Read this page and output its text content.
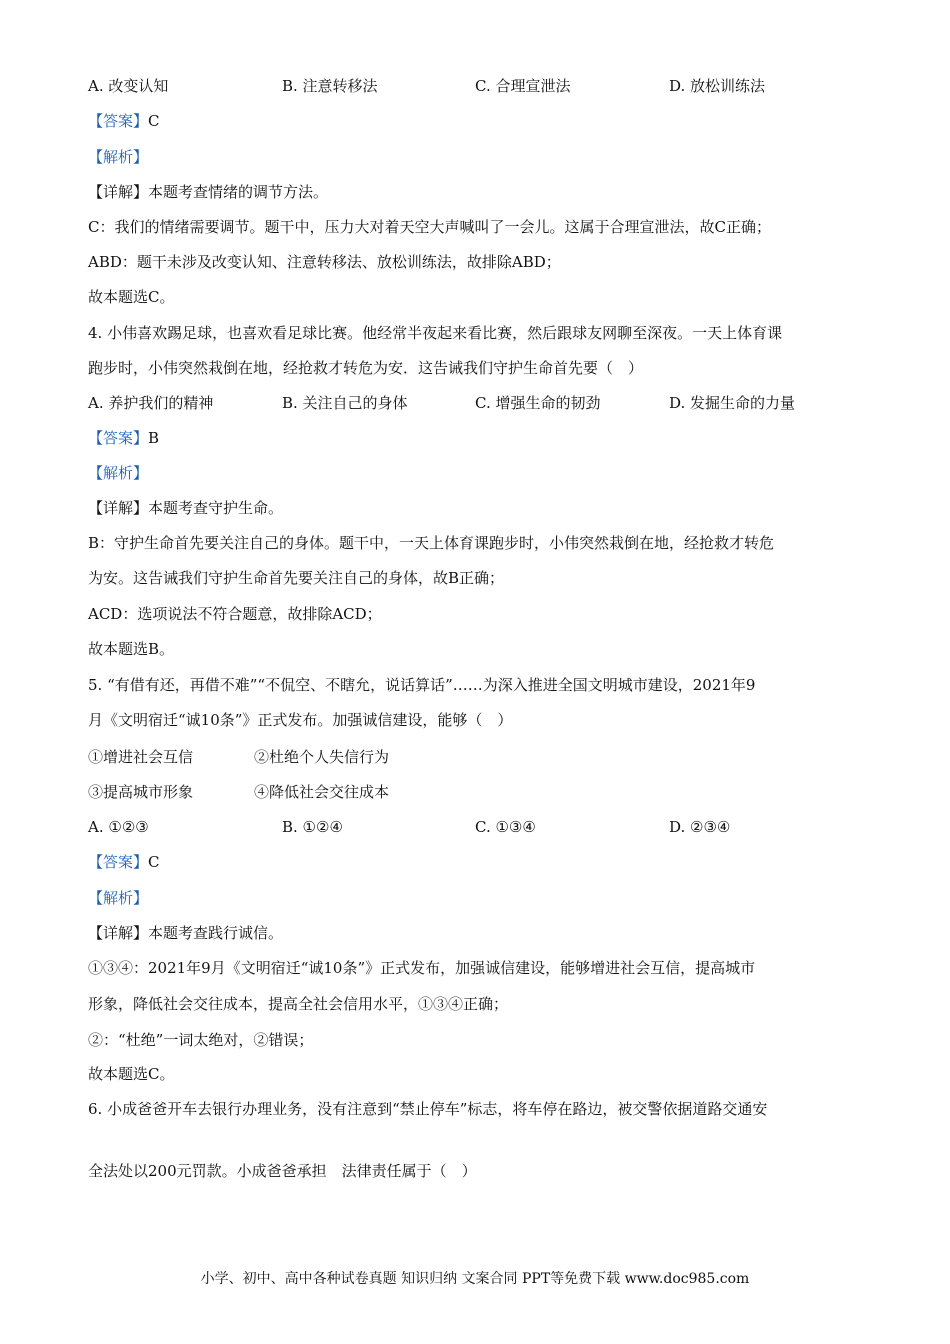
A. 改变认知	B. 注意转移法	C. 合理宣泄法	D. 放松训练法
【答案】C
【解析】
【详解】本题考查情绪的调节方法。
C：我们的情绪需要调节。题干中，压力大对着天空大声喊叫了一会儿。这属于合理宣泄法，故C正确；
ABD：题干未涉及改变认知、注意转移法、放松训练法，故排除ABD；
故本题选C。
4. 小伟喜欢踢足球，也喜欢看足球比赛。他经常半夜起来看比赛，然后跟球友网聊至深夜。一天上体育课
跑步时，小伟突然栽倒在地，经抢救才转危为安．这告诫我们守护生命首先要（　）
A. 养护我们的精神	B. 关注自己的身体	C. 增强生命的韧劲	D. 发掘生命的力量
【答案】B
【解析】
【详解】本题考查守护生命。
B：守护生命首先要关注自己的身体。题干中，一天上体育课跑步时，小伟突然栽倒在地，经抢救才转危
为安。这告诫我们守护生命首先要关注自己的身体，故B正确；
ACD：选项说法不符合题意，故排除ACD；
故本题选B。
5. “有借有还，再借不难”“不侃空、不瞎允，说话算话”……为深入推进全国文明城市建设，2021年9
月《文明宿迁“诚10条”》正式发布。加强诚信建设，能够（　）
①增进社会互信	②杜绝个人失信行为
③提高城市形象	④降低社会交往成本
A. ①②③	B. ①②④	C. ①③④	D. ②③④
【答案】C
【解析】
【详解】本题考查践行诚信。
①③④：2021年9月《文明宿迁“诚10条”》正式发布，加强诚信建设，能够增进社会互信，提高城市
形象，降低社会交往成本，提高全社会信用水平，①③④正确；
②：“杜绝”一词太绝对，②错误；
故本题选C。
6. 小成爸爸开车去银行办理业务，没有注意到“禁止停车”标志，将车停在路边，被交警依据道路交通安
全法处以200元罚款。小成爸爸承担　法律责任属于（　）
小学、初中、高中各种试卷真题 知识归纳 文案合同 PPT等免费下载 www.doc985.com
